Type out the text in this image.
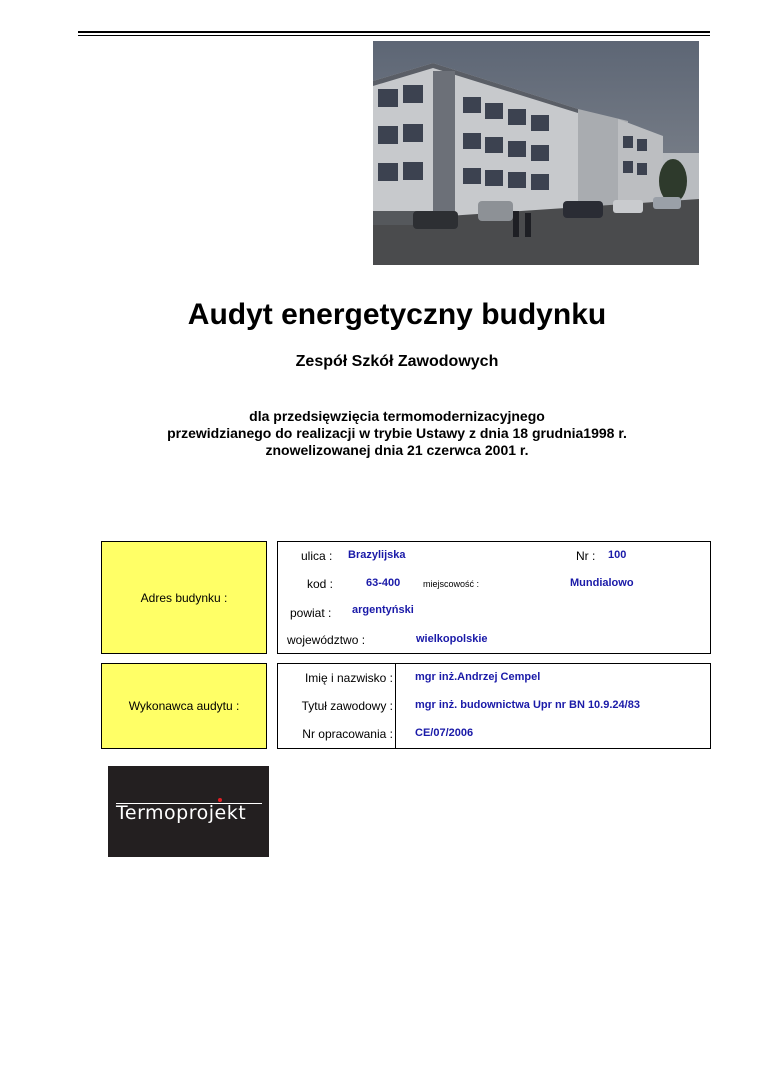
Audyt energetyczny budynku
Zespół Szkół Zawodowych
dla przedsięwzięcia termomodernizacyjnego
przewidzianego do realizacji w trybie Ustawy z dnia 18 grudnia1998 r.
znowelizowanej dnia 21 czerwca 2001 r.
Adres budynku :
ulica : Brazylijska	Nr : 100
kod :	63-400	miejscowość :	Mundialowo
powiat : argentyński
województwo :	wielkopolskie
Wykonawca audytu :
Imię i nazwisko : mgr inż.Andrzej Cempel
Tytuł zawodowy : mgr inż. budownictwa Upr nr BN 10.9.24/83
Nr opracowania : CE/07/2006
Termoprojekt
